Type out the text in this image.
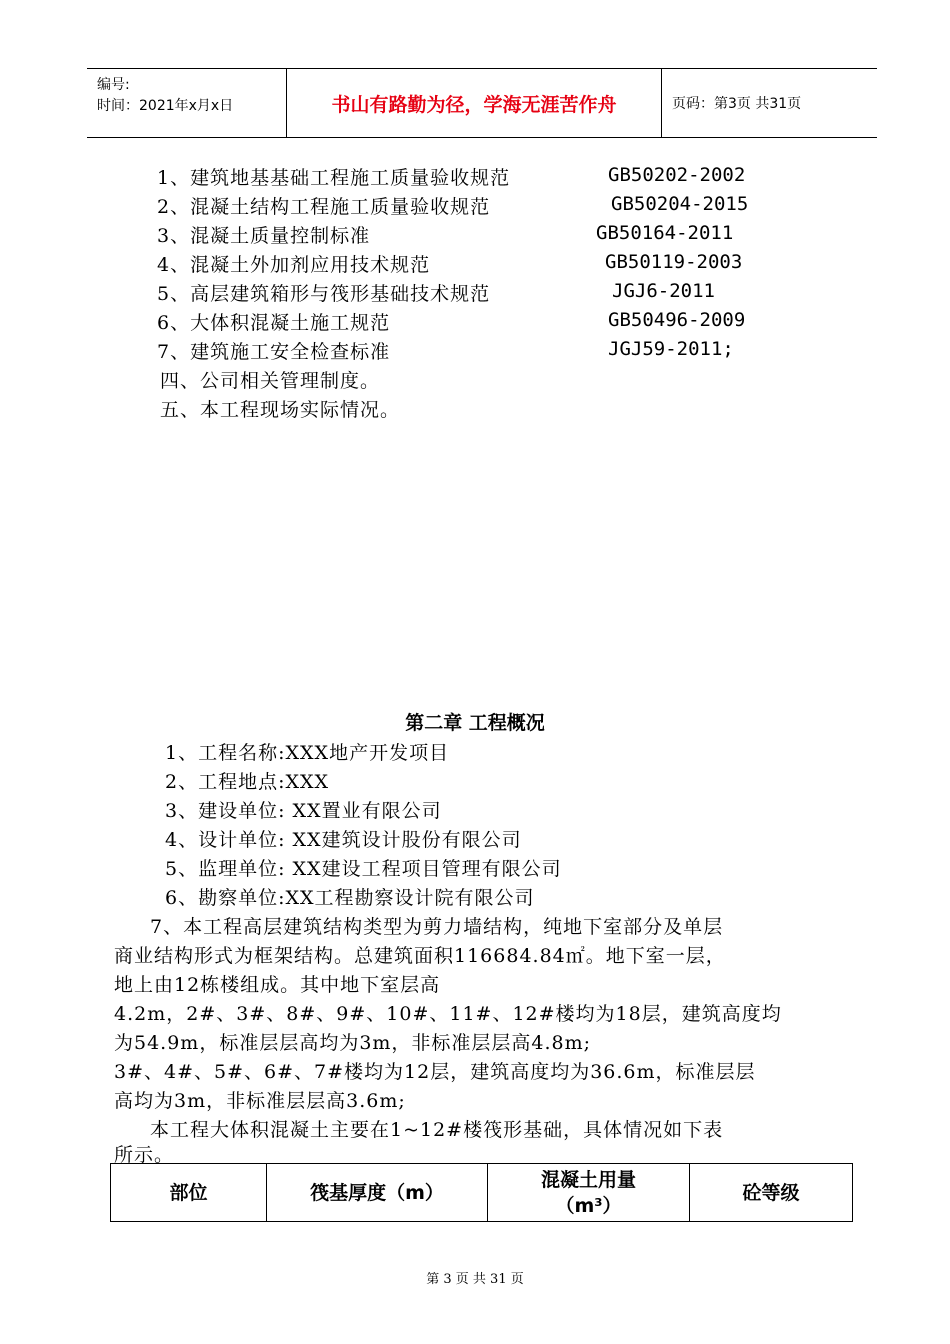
编号:
时间：2021年x月x日	书山有路勤为径，学海无涯苦作舟	页码：第3页 共31页
1、建筑地基基础工程施工质量验收规范	GB50202-2002
2、混凝土结构工程施工质量验收规范	GB50204-2015
3、混凝土质量控制标准	GB50164-2011
4、混凝土外加剂应用技术规范	GB50119-2003
5、高层建筑箱形与筏形基础技术规范	JGJ6-2011
6、大体积混凝土施工规范	GB50496-2009
7、建筑施工安全检查标准	JGJ59-2011;
四、公司相关管理制度。
五、本工程现场实际情况。
第二章 工程概况
1、工程名称:XXX地产开发项目
2、工程地点:XXX
3、建设单位: XX置业有限公司
4、设计单位: XX建筑设计股份有限公司
5、监理单位: XX建设工程项目管理有限公司
6、勘察单位:XX工程勘察设计院有限公司
7、本工程高层建筑结构类型为剪力墙结构，纯地下室部分及单层
商业结构形式为框架结构。总建筑面积116684.84㎡。地下室一层，
地上由12栋楼组成。其中地下室层高
4.2m，2#、3#、8#、9#、10#、11#、12#楼均为18层，建筑高度均
为54.9m，标准层层高均为3m，非标准层层高4.8m;
3#、4#、5#、6#、7#楼均为12层，建筑高度均为36.6m，标准层层
高均为3m，非标准层层高3.6m;
本工程大体积混凝土主要在1~12#楼筏形基础，具体情况如下表
所示。
部位	筏基厚度（m）	混凝土用量（m³）	砼等级
第 3 页 共 31 页
